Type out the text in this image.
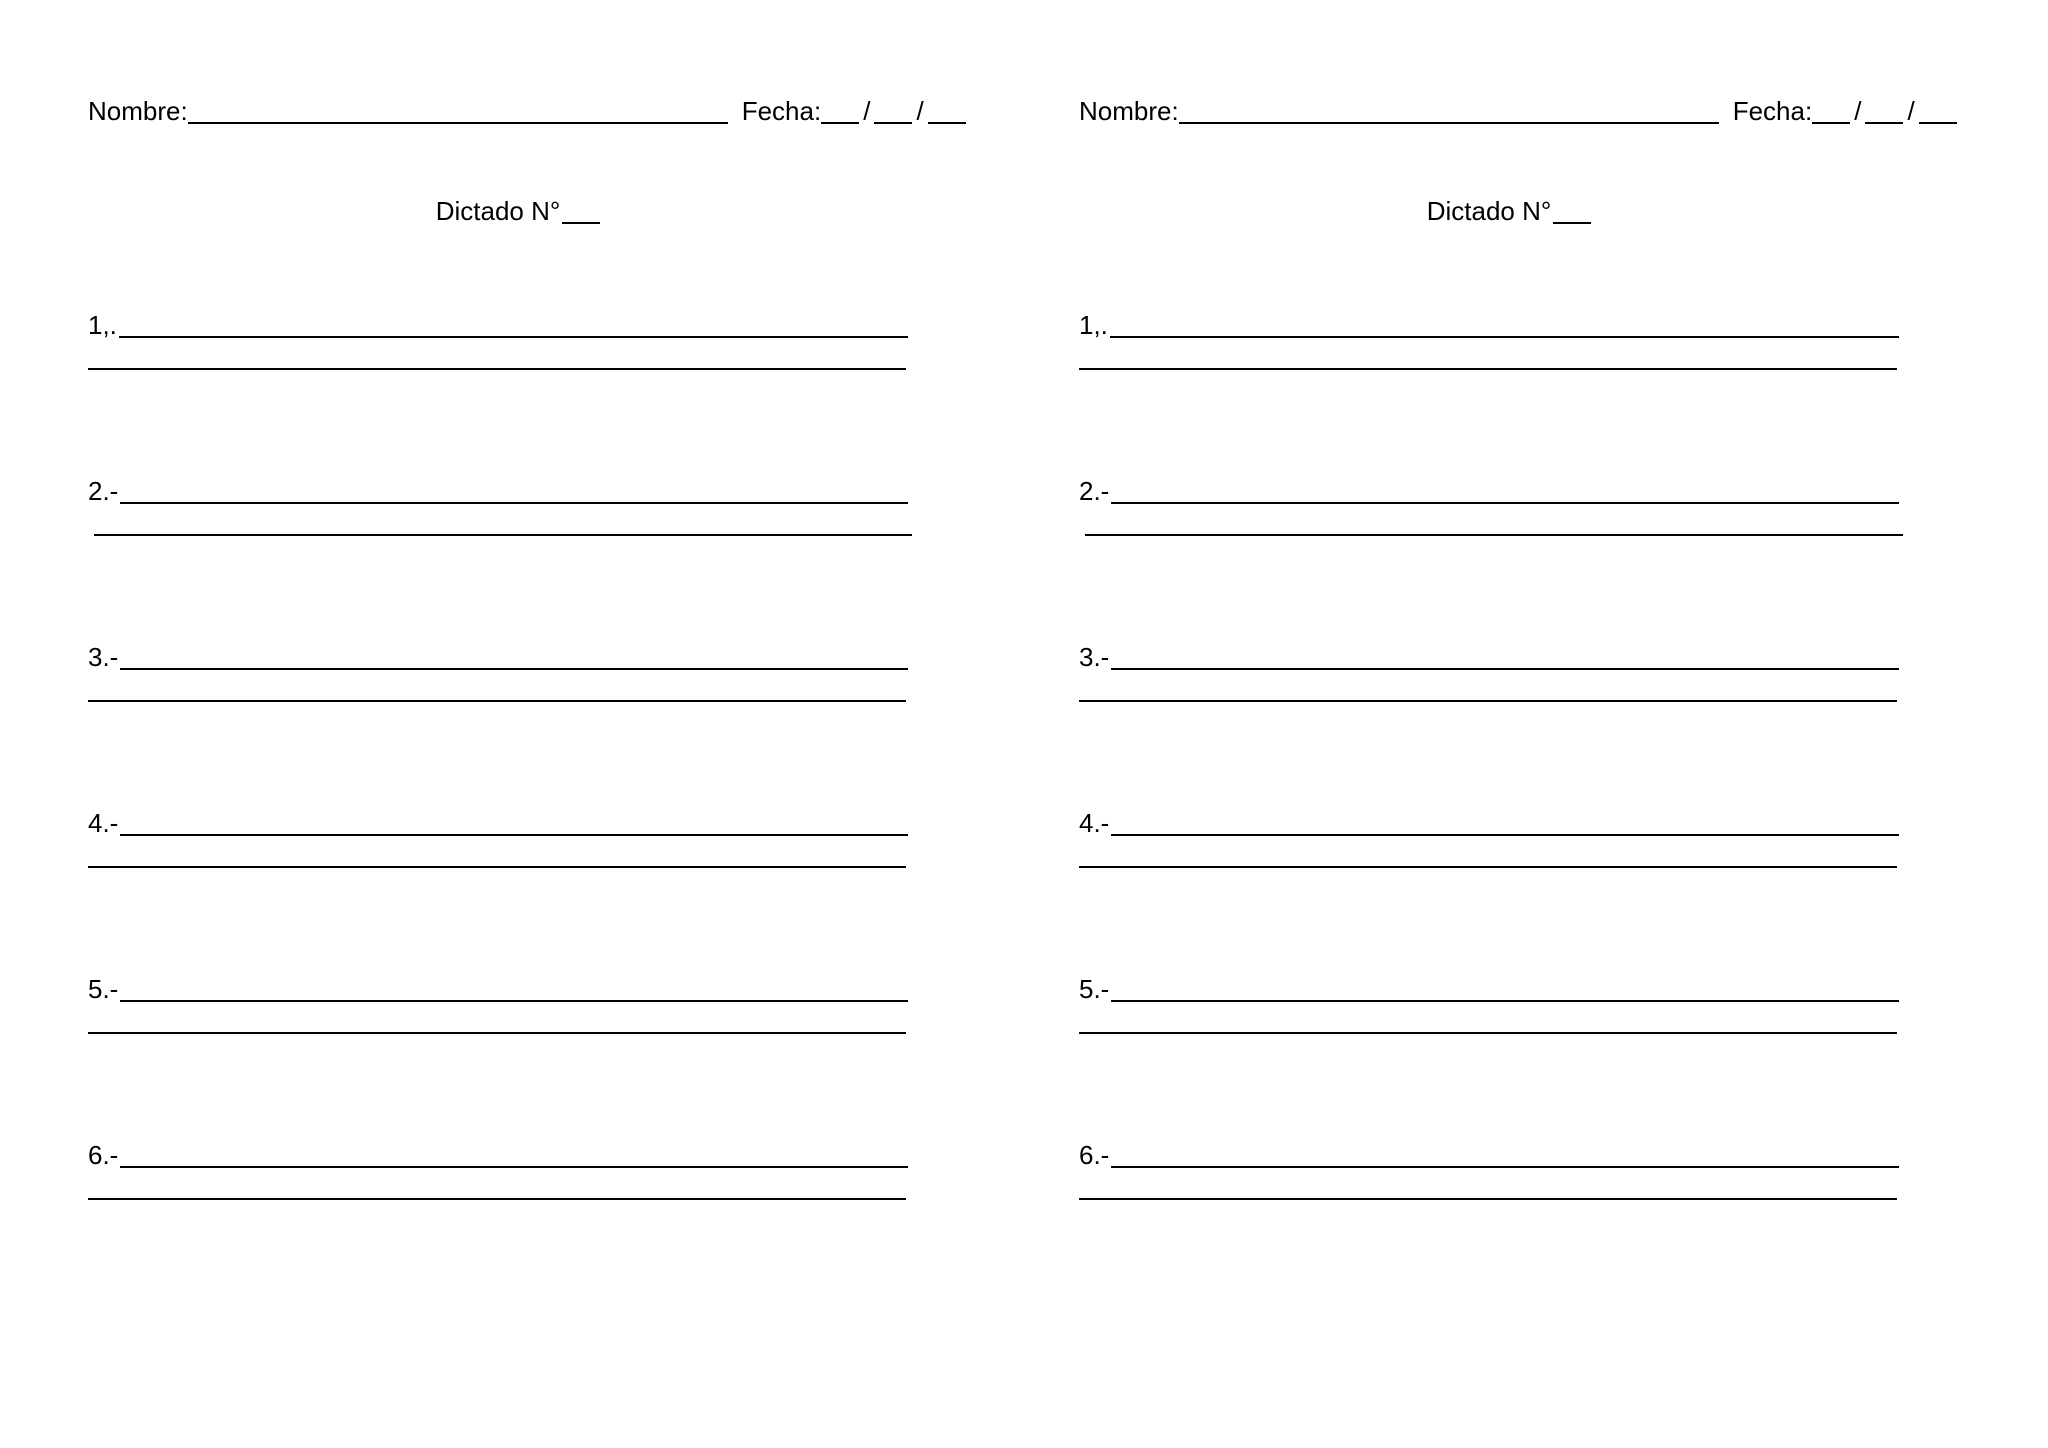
Nombre:	Fecha: / /
Dictado N°
1,.
2.-
3.-
4.-
5.-
6.-
Nombre:	Fecha: / /
Dictado N°
1,.
2.-
3.-
4.-
5.-
6.-
